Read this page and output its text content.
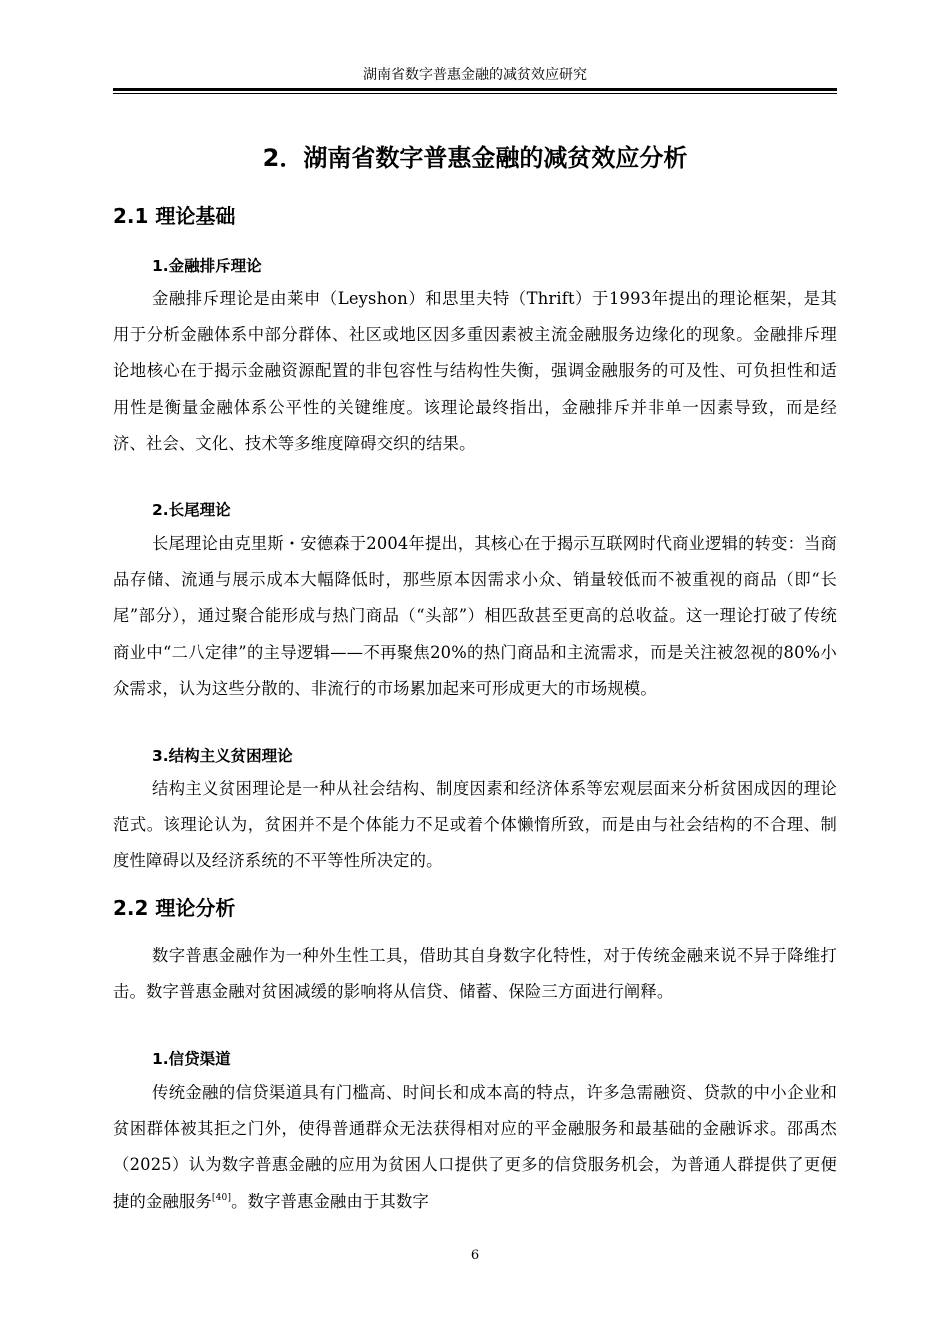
湖南省数字普惠金融的减贫效应研究
2．湖南省数字普惠金融的减贫效应分析
2.1 理论基础
1.金融排斥理论

金融排斥理论是由莱申（Leyshon）和思里夫特（Thrift）于1993年提出的理论框架，是其用于分析金融体系中部分群体、社区或地区因多重因素被主流金融服务边缘化的现象。金融排斥理论地核心在于揭示金融资源配置的非包容性与结构性失衡，强调金融服务的可及性、可负担性和适用性是衡量金融体系公平性的关键维度。该理论最终指出，金融排斥并非单一因素导致，而是经济、社会、文化、技术等多维度障碍交织的结果。

2.长尾理论

长尾理论由克里斯・安德森于2004年提出，其核心在于揭示互联网时代商业逻辑的转变：当商品存储、流通与展示成本大幅降低时，那些原本因需求小众、销量较低而不被重视的商品（即“长尾”部分），通过聚合能形成与热门商品（“头部”）相匹敌甚至更高的总收益。这一理论打破了传统商业中“二八定律”的主导逻辑——不再聚焦20%的热门商品和主流需求，而是关注被忽视的80%小众需求，认为这些分散的、非流行的市场累加起来可形成更大的市场规模。

3.结构主义贫困理论

结构主义贫困理论是一种从社会结构、制度因素和经济体系等宏观层面来分析贫困成因的理论范式。该理论认为，贫困并不是个体能力不足或着个体懒惰所致，而是由与社会结构的不合理、制度性障碍以及经济系统的不平等性所决定的。

2.2 理论分析

数字普惠金融作为一种外生性工具，借助其自身数字化特性，对于传统金融来说不异于降维打击。数字普惠金融对贫困减缓的影响将从信贷、储蓄、保险三方面进行阐释。

1.信贷渠道

传统金融的信贷渠道具有门槛高、时间长和成本高的特点，许多急需融资、贷款的中小企业和贫困群体被其拒之门外，使得普通群众无法获得相对应的平金融服务和最基础的金融诉求。邵禹杰（2025）认为数字普惠金融的应用为贫困人口提供了更多的信贷服务机会，为普通人群提供了更便捷的金融服务[40]。数字普惠金融由于其数字

6
